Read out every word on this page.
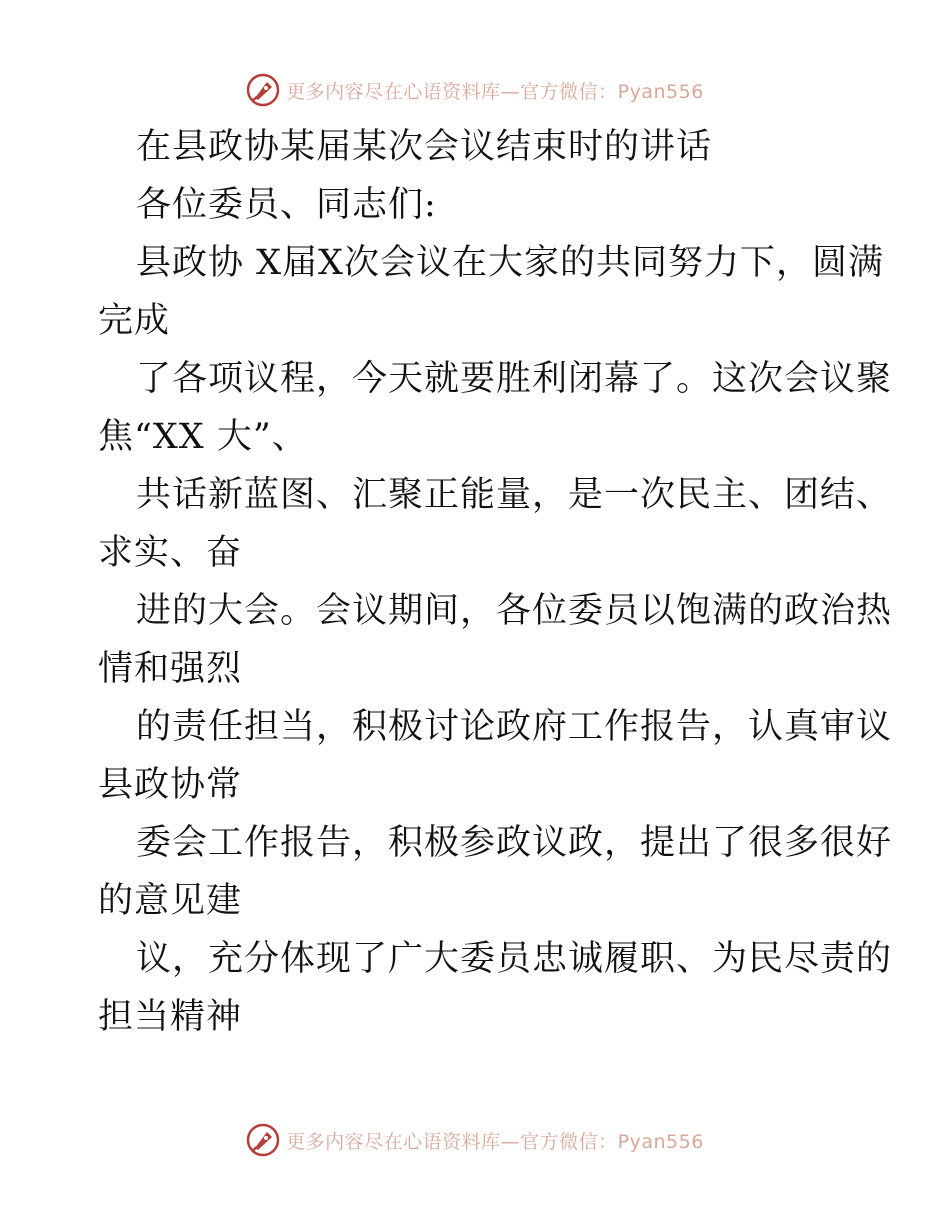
更多内容尽在心语资料库—官方微信：Pyan556
在县政协某届某次会议结束时的讲话
各位委员、同志们:
县政协 X届X次会议在大家的共同努力下，圆满
完成
了各项议程，今天就要胜利闭幕了。这次会议聚
焦“XX 大”、
共话新蓝图、汇聚正能量，是一次民主、团结、
求实、奋
进的大会。会议期间，各位委员以饱满的政治热
情和强烈
的责任担当，积极讨论政府工作报告，认真审议
县政协常
委会工作报告，积极参政议政，提出了很多很好
的意见建
议，充分体现了广大委员忠诚履职、为民尽责的
担当精神
更多内容尽在心语资料库—官方微信：Pyan556
